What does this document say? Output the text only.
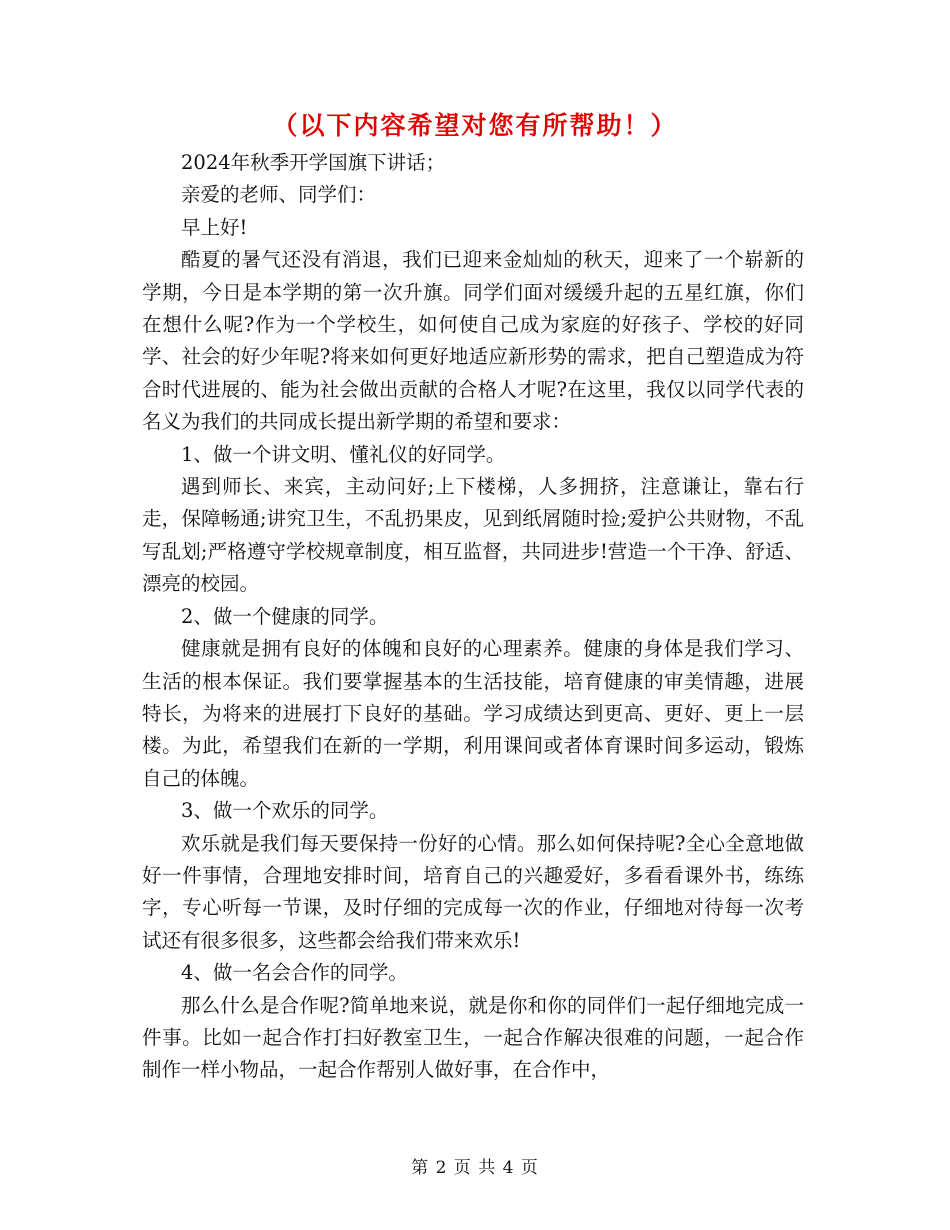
（以下内容希望对您有所帮助！）

2024年秋季开学国旗下讲话；

亲爱的老师、同学们：

早上好!

酷夏的暑气还没有消退，我们已迎来金灿灿的秋天，迎来了一个崭新的学期，今日是本学期的第一次升旗。同学们面对缓缓升起的五星红旗，你们在想什么呢?作为一个学校生，如何使自己成为家庭的好孩子、学校的好同学、社会的好少年呢?将来如何更好地适应新形势的需求，把自己塑造成为符合时代进展的、能为社会做出贡献的合格人才呢?在这里，我仅以同学代表的名义为我们的共同成长提出新学期的希望和要求：

1、做一个讲文明、懂礼仪的好同学。

遇到师长、来宾，主动问好;上下楼梯，人多拥挤，注意谦让，靠右行走，保障畅通;讲究卫生，不乱扔果皮，见到纸屑随时捡;爱护公共财物，不乱写乱划;严格遵守学校规章制度，相互监督，共同进步!营造一个干净、舒适、漂亮的校园。

2、做一个健康的同学。

健康就是拥有良好的体魄和良好的心理素养。健康的身体是我们学习、生活的根本保证。我们要掌握基本的生活技能，培育健康的审美情趣，进展特长，为将来的进展打下良好的基础。学习成绩达到更高、更好、更上一层楼。为此，希望我们在新的一学期，利用课间或者体育课时间多运动，锻炼自己的体魄。

3、做一个欢乐的同学。

欢乐就是我们每天要保持一份好的心情。那么如何保持呢?全心全意地做好一件事情，合理地安排时间，培育自己的兴趣爱好，多看看课外书，练练字，专心听每一节课，及时仔细的完成每一次的作业，仔细地对待每一次考试还有很多很多，这些都会给我们带来欢乐!

4、做一名会合作的同学。

那么什么是合作呢?简单地来说，就是你和你的同伴们一起仔细地完成一件事。比如一起合作打扫好教室卫生，一起合作解决很难的问题，一起合作制作一样小物品，一起合作帮别人做好事，在合作中，

第 2 页 共 4 页
